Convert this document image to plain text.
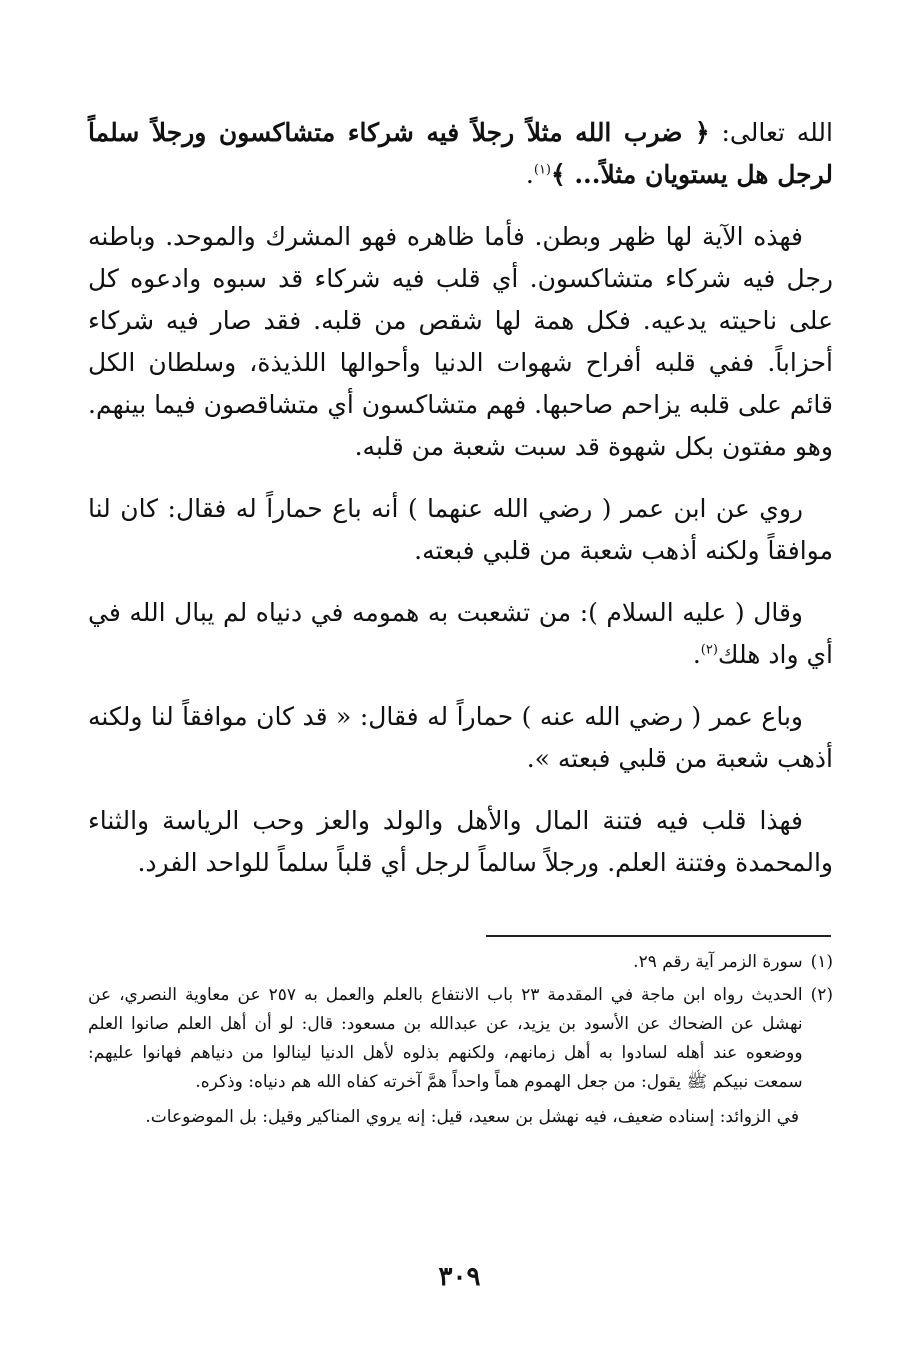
الله تعالى: ﴿ ضرب الله مثلاً رجلاً فيه شركاء متشاكسون ورجلاً سلماً لرجل هل يستويان مثلاً... ﴾$^{(١)}$.

فهذه الآية لها ظهر وبطن. فأما ظاهره فهو المشرك والموحد. وباطنه رجل فيه شركاء متشاكسون. أي قلب فيه شركاء قد سبوه وادعوه كل على ناحيته يدعيه. فكل همة لها شقص من قلبه. فقد صار فيه شركاء أحزاباً. ففي قلبه أفراح شهوات الدنيا وأحوالها اللذيذة، وسلطان الكل قائم على قلبه يزاحم صاحبها. فهم متشاكسون أي متشاقصون فيما بينهم. وهو مفتون بكل شهوة قد سبت شعبة من قلبه.

روي عن ابن عمر ( رضي الله عنهما ) أنه باع حماراً له فقال: كان لنا موافقاً ولكنه أذهب شعبة من قلبي فبعته.

وقال ( عليه السلام ): من تشعبت به همومه في دنياه لم يبال الله في أي واد هلك$^{(٢)}$.

وباع عمر ( رضي الله عنه ) حماراً له فقال: « قد كان موافقاً لنا ولكنه أذهب شعبة من قلبي فبعته ».

فهذا قلب فيه فتنة المال والأهل والولد والعز وحب الرياسة والثناء والمحمدة وفتنة العلم. ورجلاً سالماً لرجل أي قلباً سلماً للواحد الفرد.

(١)
سورة الزمر آية رقم ٢٩.
(٢)
الحديث رواه ابن ماجة في المقدمة ٢٣ باب الانتفاع بالعلم والعمل به ٢٥٧ عن معاوية النصري، عن نهشل عن الضحاك عن الأسود بن يزيد، عن عبدالله بن مسعود: قال: لو أن أهل العلم صانوا العلم ووضعوه عند أهله لسادوا به أهل زمانهم، ولكنهم بذلوه لأهل الدنيا لينالوا من دنياهم فهانوا عليهم: سمعت نبيكم ﷺ يقول: من جعل الهموم هماً واحداً همَّ آخرته كفاه الله هم دنياه: وذكره.

في الزوائد: إسناده ضعيف، فيه نهشل بن سعيد، قيل: إنه يروي المناكير وقيل: بل الموضوعات.

٣٠٩
